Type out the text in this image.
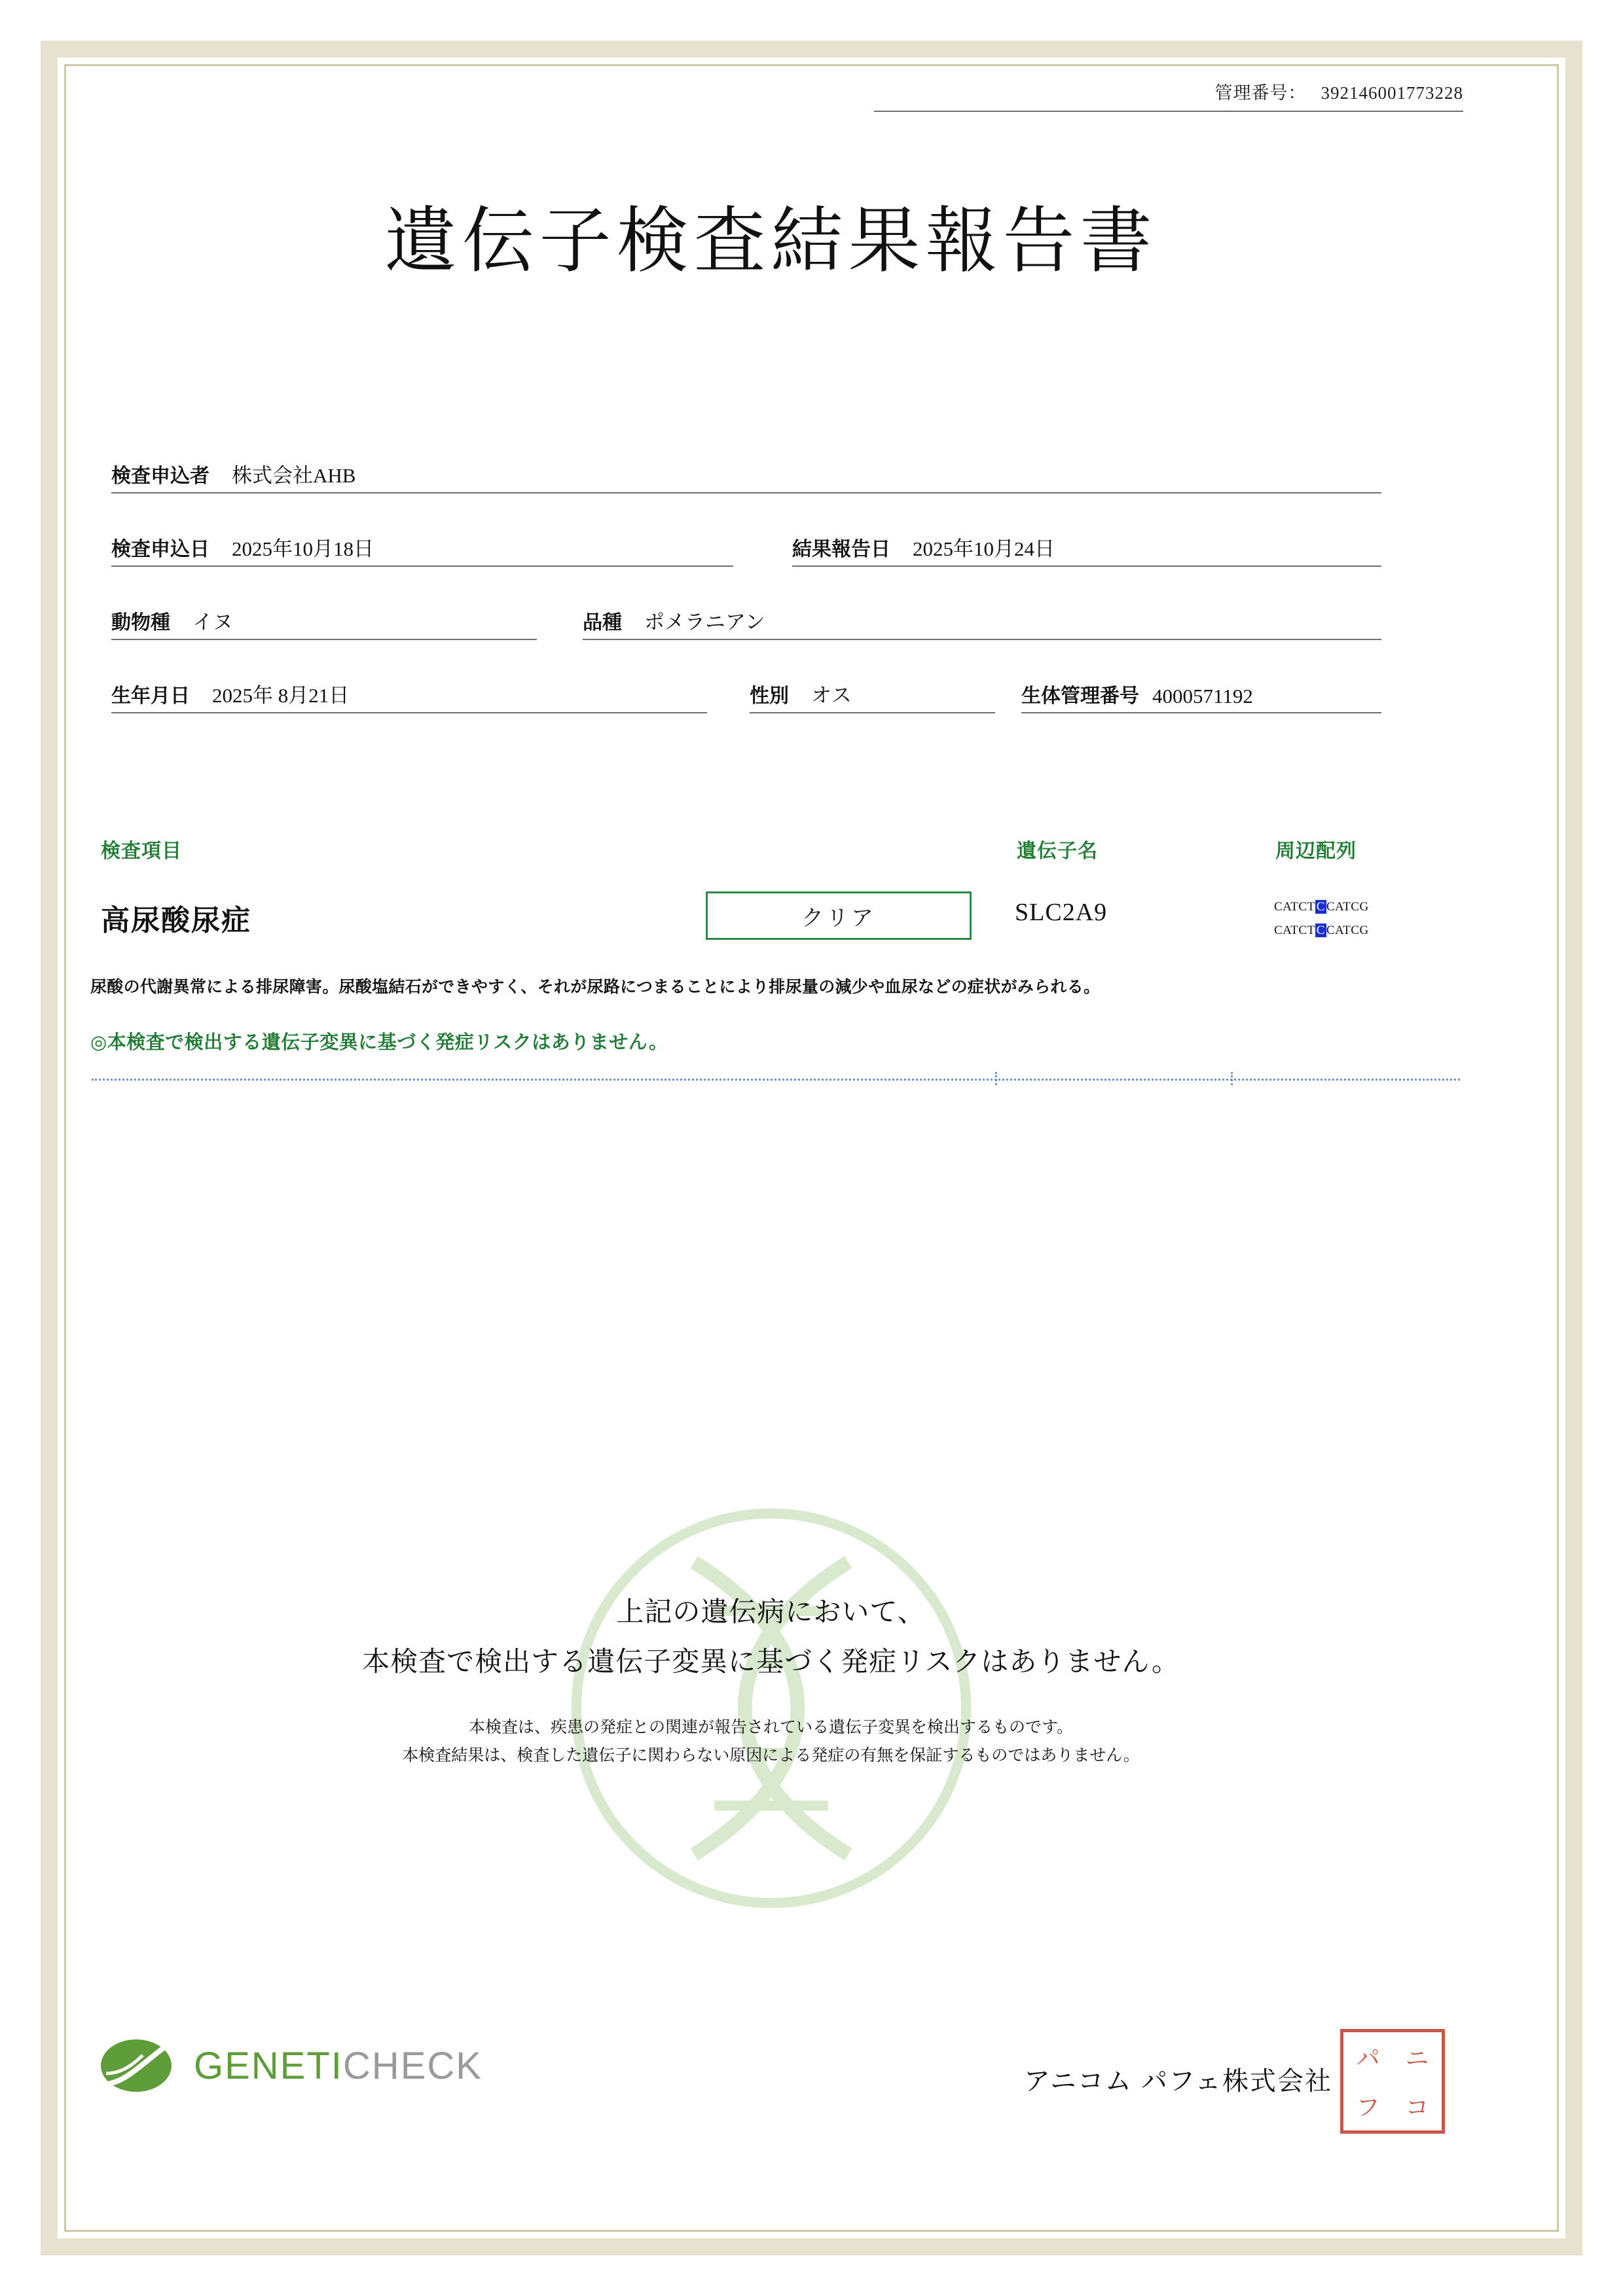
管理番号： 392146001773228
遺伝子検査結果報告書
検査申込者 株式会社AHB
検査申込日 2025年10月18日	結果報告日 2025年10月24日
動物種 イヌ	品種 ポメラニアン
生年月日 2025年 8月21日	性別 オス	生体管理番号 4000571192
検査項目	遺伝子名	周辺配列
高尿酸尿症	クリア	SLC2A9	CATCT C CATCG
CATCT C CATCG
尿酸の代謝異常による排尿障害。尿酸塩結石ができやすく、それが尿路につまることにより排尿量の減少や血尿などの症状がみられる。
◎本検査で検出する遺伝子変異に基づく発症リスクはありません。
上記の遺伝病において、
本検査で検出する遺伝子変異に基づく発症リスクはありません。
本検査は、疾患の発症との関連が報告されている遺伝子変異を検出するものです。
本検査結果は、検査した遺伝子に関わらない原因による発症の有無を保証するものではありません。
GENETICHECK	アニコム パフェ株式会社
パ	ニ
フ	コ
